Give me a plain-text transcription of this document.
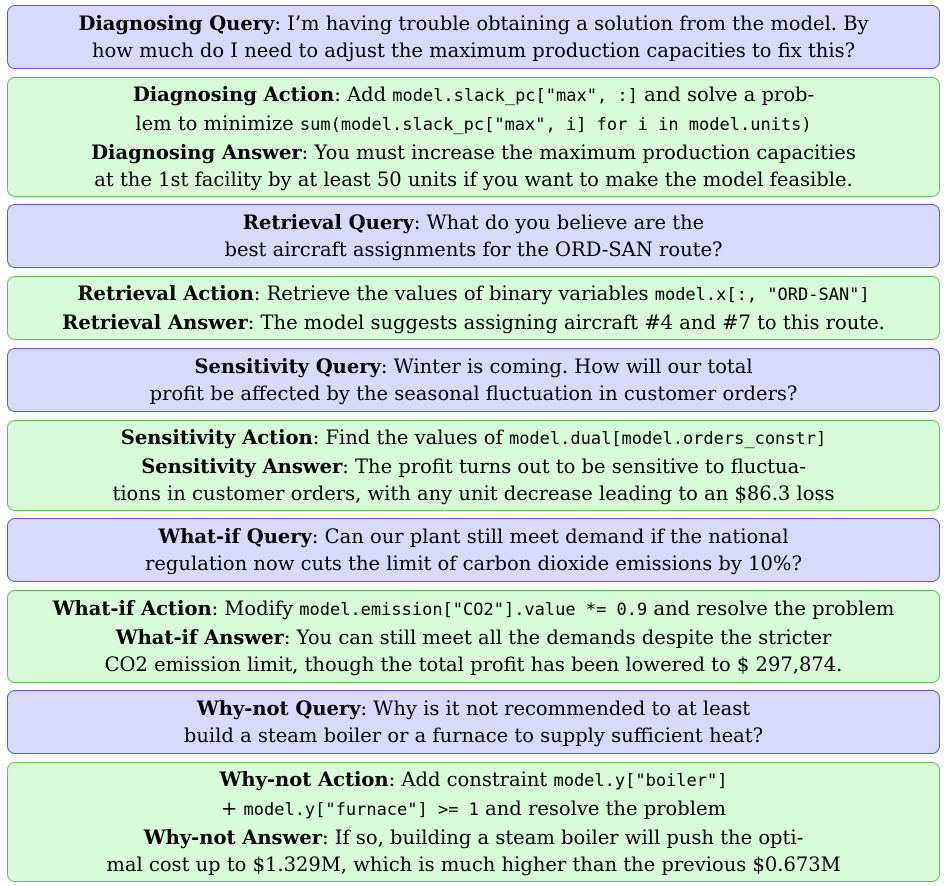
Diagnosing Query: I’m having trouble obtaining a solution from the model. By
how much do I need to adjust the maximum production capacities to fix this?
Diagnosing Action: Add model.slack_pc["max", :] and solve a prob-
lem to minimize sum(model.slack_pc["max", i] for i in model.units)
Diagnosing Answer: You must increase the maximum production capacities
at the 1st facility by at least 50 units if you want to make the model feasible.
Retrieval Query: What do you believe are the
best aircraft assignments for the ORD-SAN route?
Retrieval Action: Retrieve the values of binary variables model.x[:, "ORD-SAN"]
Retrieval Answer: The model suggests assigning aircraft #4 and #7 to this route.
Sensitivity Query: Winter is coming. How will our total
profit be affected by the seasonal fluctuation in customer orders?
Sensitivity Action: Find the values of model.dual[model.orders_constr]
Sensitivity Answer: The profit turns out to be sensitive to fluctua-
tions in customer orders, with any unit decrease leading to an $86.3 loss
What-if Query: Can our plant still meet demand if the national
regulation now cuts the limit of carbon dioxide emissions by 10%?
What-if Action: Modify model.emission["CO2"].value *= 0.9 and resolve the problem
What-if Answer: You can still meet all the demands despite the stricter
CO2 emission limit, though the total profit has been lowered to $ 297,874.
Why-not Query: Why is it not recommended to at least
build a steam boiler or a furnace to supply sufficient heat?
Why-not Action: Add constraint model.y["boiler"]
+ model.y["furnace"] >= 1 and resolve the problem
Why-not Answer: If so, building a steam boiler will push the opti-
mal cost up to $1.329M, which is much higher than the previous $0.673M
